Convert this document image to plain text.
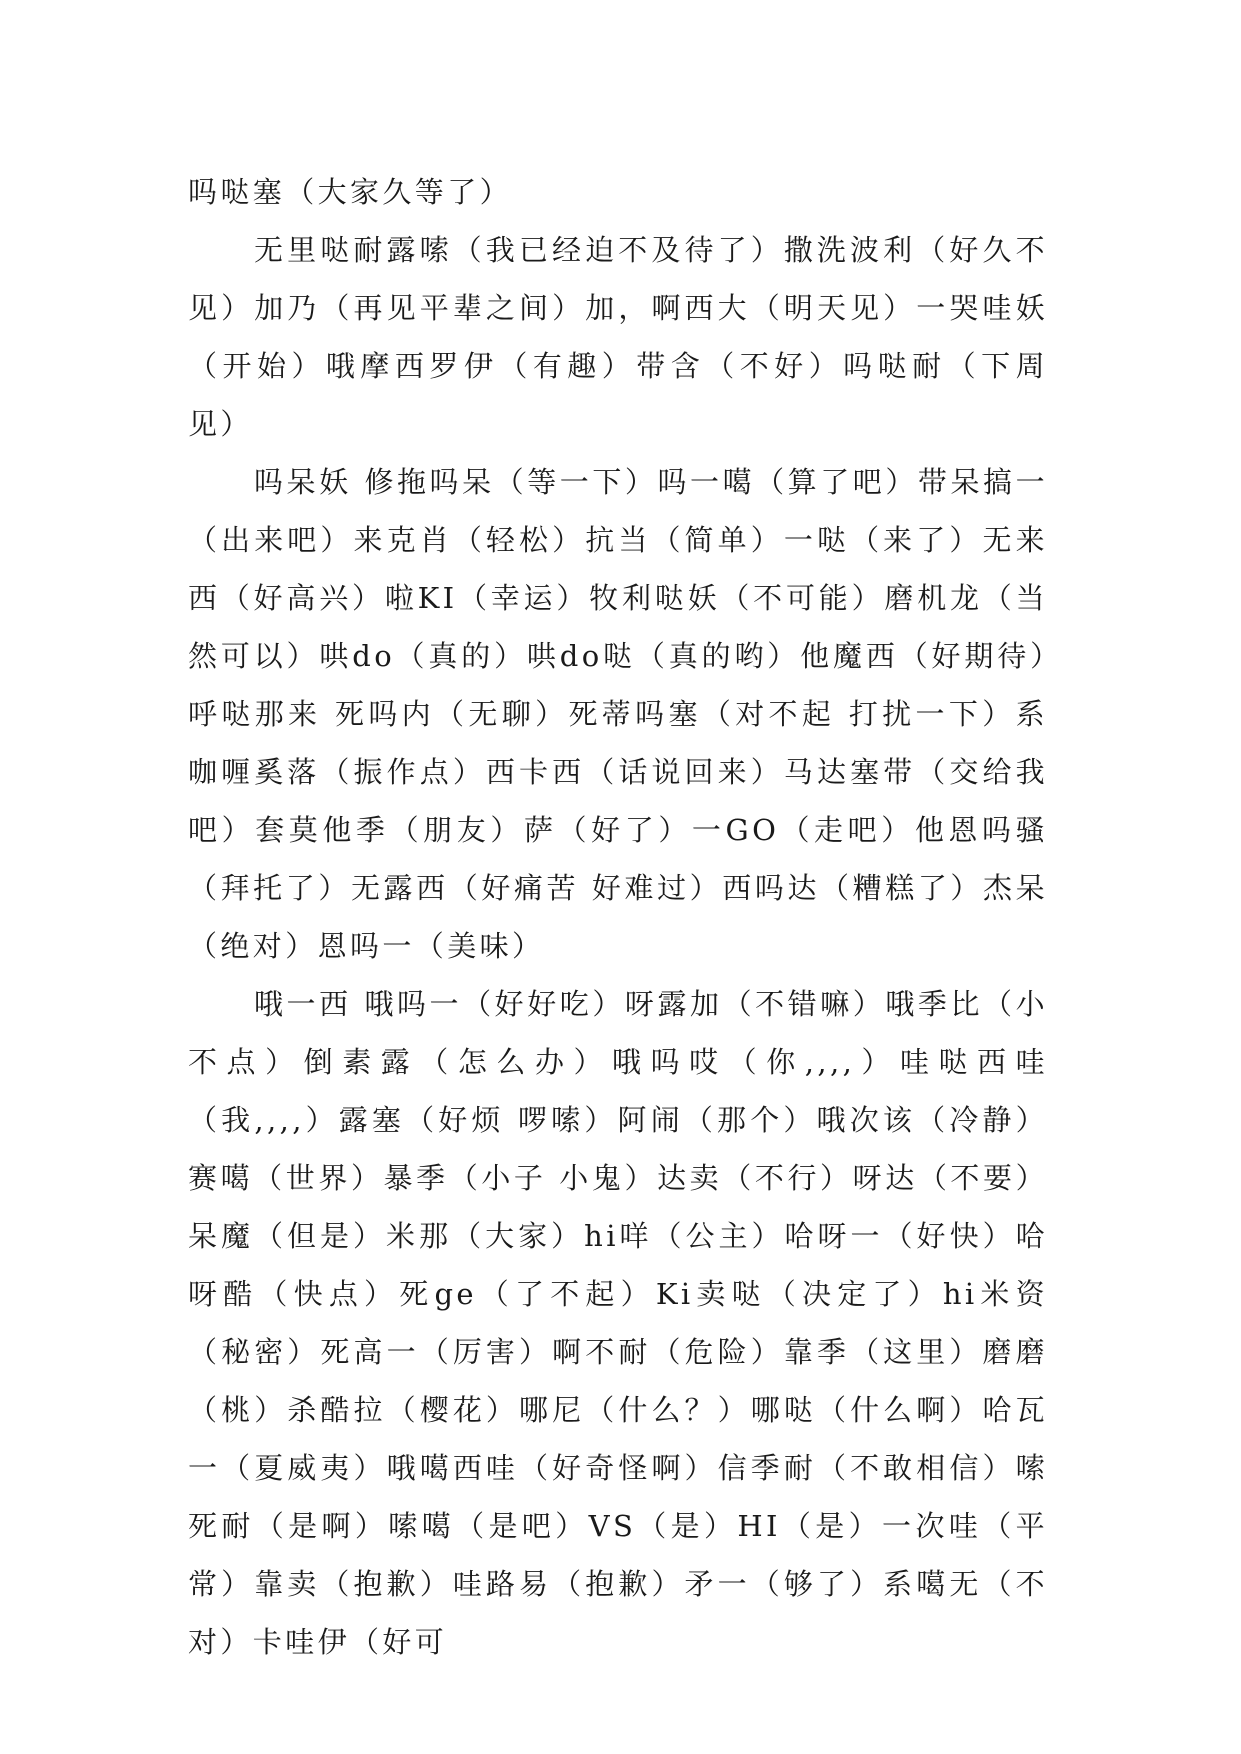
吗哒塞（大家久等了）

无里哒耐露嗦（我已经迫不及待了）撒洗波利（好久不见）加乃（再见平辈之间）加，啊西大（明天见）一哭哇妖（开始）哦摩西罗伊（有趣）带含（不好）吗哒耐（下周见）

吗呆妖 修拖吗呆（等一下）吗一噶（算了吧）带呆搞一（出来吧）来克肖（轻松）抗当（简单）一哒（来了）无来西（好高兴）啦KI（幸运）牧利哒妖（不可能）磨机龙（当然可以）哄do（真的）哄do哒（真的哟）他魔西（好期待）呼哒那来 死吗内（无聊）死蒂吗塞（对不起 打扰一下）系咖喱奚落（振作点）西卡西（话说回来）马达塞带（交给我吧）套莫他季（朋友）萨（好了）一GO（走吧）他恩吗骚（拜托了）无露西（好痛苦 好难过）西吗达（糟糕了）杰呆（绝对）恩吗一（美味）

哦一西 哦吗一（好好吃）呀露加（不错嘛）哦季比（小不点）倒素露（怎么办）哦吗哎（你,,,,）哇哒西哇（我,,,,）露塞（好烦 啰嗦）阿闹（那个）哦次该（冷静）赛噶（世界）暴季（小子 小鬼）达卖（不行）呀达（不要）呆魔（但是）米那（大家）hi咩（公主）哈呀一（好快）哈呀酷（快点）死ge（了不起）Ki卖哒（决定了）hi米资（秘密）死高一（厉害）啊不耐（危险）靠季（这里）磨磨（桃）杀酷拉（樱花）哪尼（什么？）哪哒（什么啊）哈瓦一（夏威夷）哦噶西哇（好奇怪啊）信季耐（不敢相信）嗦死耐（是啊）嗦噶（是吧）VS（是）HI（是）一次哇（平常）靠卖（抱歉）哇路易（抱歉）矛一（够了）系噶无（不对）卡哇伊（好可
